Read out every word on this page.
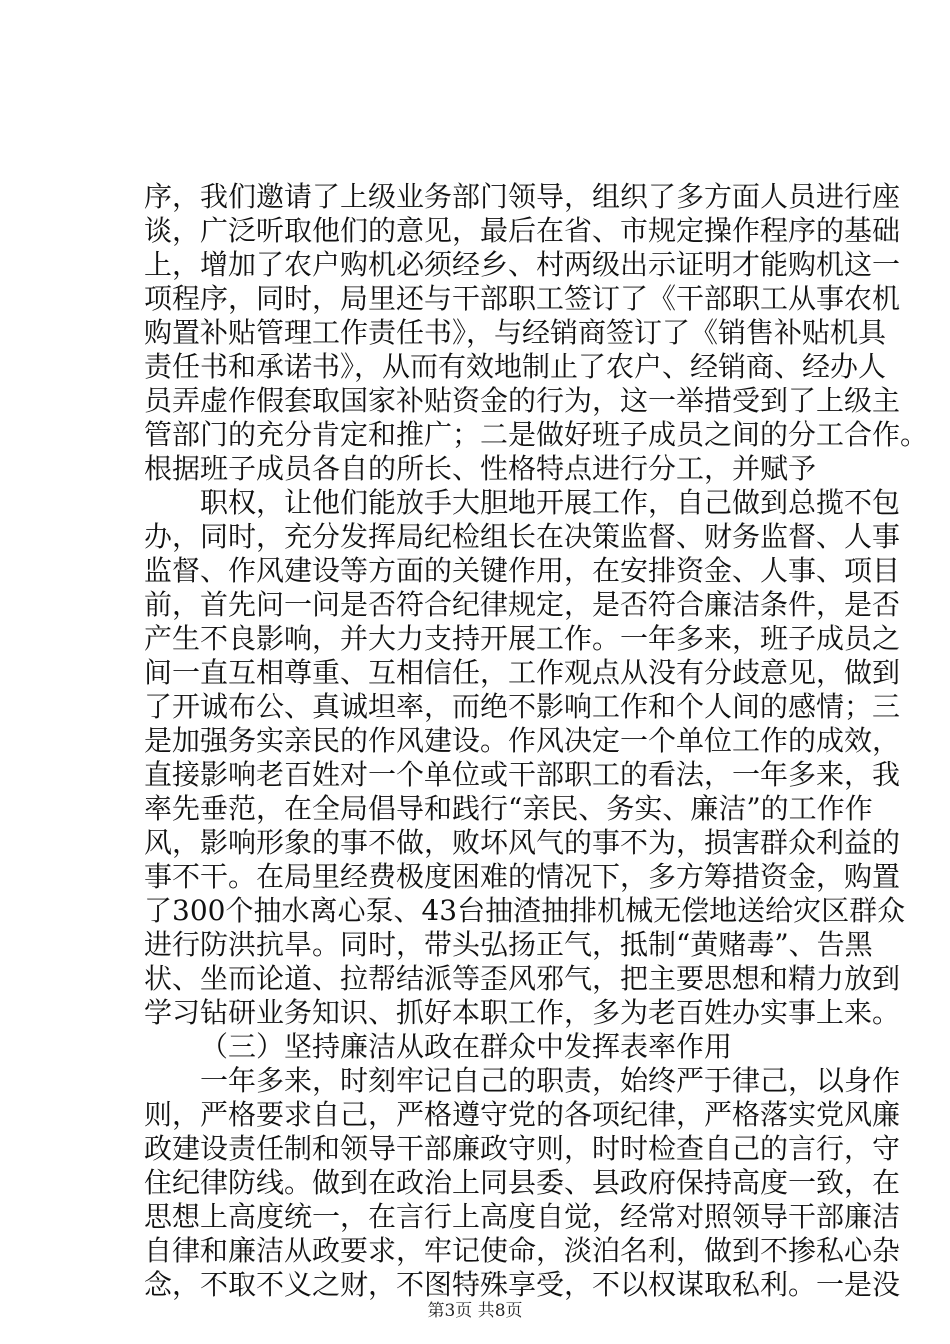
序，我们邀请了上级业务部门领导，组织了多方面人员进行座
谈，广泛听取他们的意见，最后在省、市规定操作程序的基础
上，增加了农户购机必须经乡、村两级出示证明才能购机这一
项程序，同时，局里还与干部职工签订了《干部职工从事农机
购置补贴管理工作责任书》，与经销商签订了《销售补贴机具
责任书和承诺书》，从而有效地制止了农户、经销商、经办人
员弄虚作假套取国家补贴资金的行为，这一举措受到了上级主
管部门的充分肯定和推广；二是做好班子成员之间的分工合作。
根据班子成员各自的所长、性格特点进行分工，并赋予
职权，让他们能放手大胆地开展工作，自己做到总揽不包
办，同时，充分发挥局纪检组长在决策监督、财务监督、人事
监督、作风建设等方面的关键作用，在安排资金、人事、项目
前，首先问一问是否符合纪律规定，是否符合廉洁条件，是否
产生不良影响，并大力支持开展工作。一年多来，班子成员之
间一直互相尊重、互相信任，工作观点从没有分歧意见，做到
了开诚布公、真诚坦率，而绝不影响工作和个人间的感情；三
是加强务实亲民的作风建设。作风决定一个单位工作的成效，
直接影响老百姓对一个单位或干部职工的看法，一年多来，我
率先垂范，在全局倡导和践行“亲民、务实、廉洁”的工作作
风，影响形象的事不做，败坏风气的事不为，损害群众利益的
事不干。在局里经费极度困难的情况下，多方筹措资金，购置
了300个抽水离心泵、43台抽渣抽排机械无偿地送给灾区群众
进行防洪抗旱。同时，带头弘扬正气，抵制“黄赌毒”、告黑
状、坐而论道、拉帮结派等歪风邪气，把主要思想和精力放到
学习钻研业务知识、抓好本职工作，多为老百姓办实事上来。
（三）坚持廉洁从政在群众中发挥表率作用
一年多来，时刻牢记自己的职责，始终严于律己，以身作
则，严格要求自己，严格遵守党的各项纪律，严格落实党风廉
政建设责任制和领导干部廉政守则，时时检查自己的言行，守
住纪律防线。做到在政治上同县委、县政府保持高度一致，在
思想上高度统一，在言行上高度自觉，经常对照领导干部廉洁
自律和廉洁从政要求，牢记使命，淡泊名利，做到不掺私心杂
念，不取不义之财，不图特殊享受，不以权谋取私利。一是没
第3页 共8页
